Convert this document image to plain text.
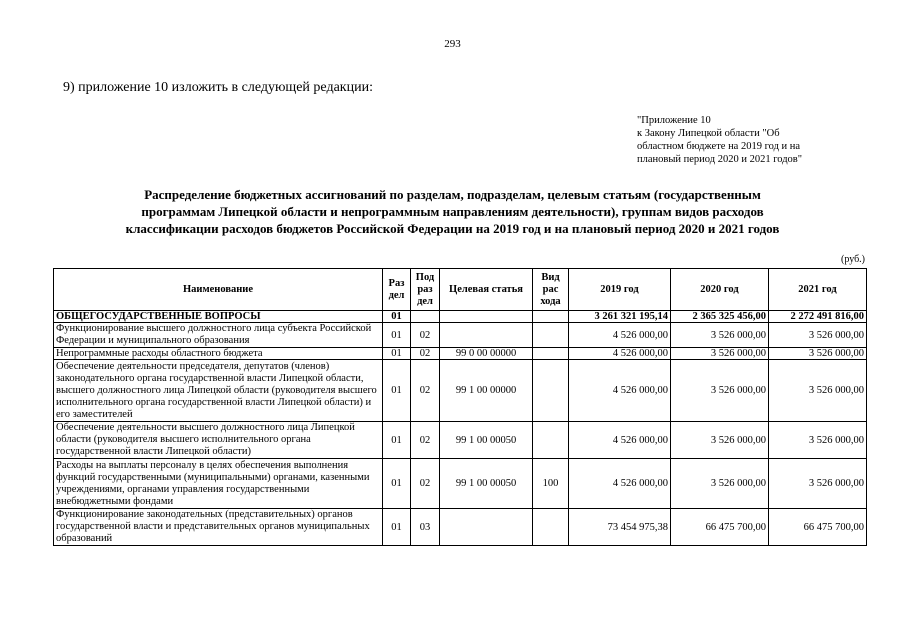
293
9) приложение 10 изложить в следующей редакции:
"Приложение 10
к Закону Липецкой области "Об
областном бюджете на 2019 год и на
плановый период 2020 и 2021 годов"
Распределение бюджетных ассигнований по разделам, подразделам, целевым статьям (государственным
программам Липецкой области и непрограммным направлениям деятельности), группам видов расходов
классификации расходов бюджетов Российской Федерации на 2019 год и на плановый период 2020 и 2021 годов
(руб.)
Наименование	Раз дел	Под раз дел	Целевая статья	Вид рас хода	2019 год	2020 год	2021 год
ОБЩЕГОСУДАРСТВЕННЫЕ ВОПРОСЫ	01				3 261 321 195,14	2 365 325 456,00	2 272 491 816,00
Функционирование высшего должностного лица субъекта Российской Федерации и муниципального образования	01	02			4 526 000,00	3 526 000,00	3 526 000,00
Непрограммные расходы областного бюджета	01	02	99 0 00 00000		4 526 000,00	3 526 000,00	3 526 000,00
Обеспечение деятельности председателя, депутатов (членов) законодательного органа государственной власти Липецкой области, высшего должностного лица Липецкой области (руководителя высшего исполнительного органа государственной власти Липецкой области) и его заместителей	01	02	99 1 00 00000		4 526 000,00	3 526 000,00	3 526 000,00
Обеспечение деятельности высшего должностного лица Липецкой области (руководителя высшего исполнительного органа государственной власти Липецкой области)	01	02	99 1 00 00050		4 526 000,00	3 526 000,00	3 526 000,00
Расходы на выплаты персоналу в целях обеспечения выполнения функций государственными (муниципальными) органами, казенными учреждениями, органами управления государственными внебюджетными фондами	01	02	99 1 00 00050	100	4 526 000,00	3 526 000,00	3 526 000,00
Функционирование законодательных (представительных) органов государственной власти и представительных органов муниципальных образований	01	03			73 454 975,38	66 475 700,00	66 475 700,00
